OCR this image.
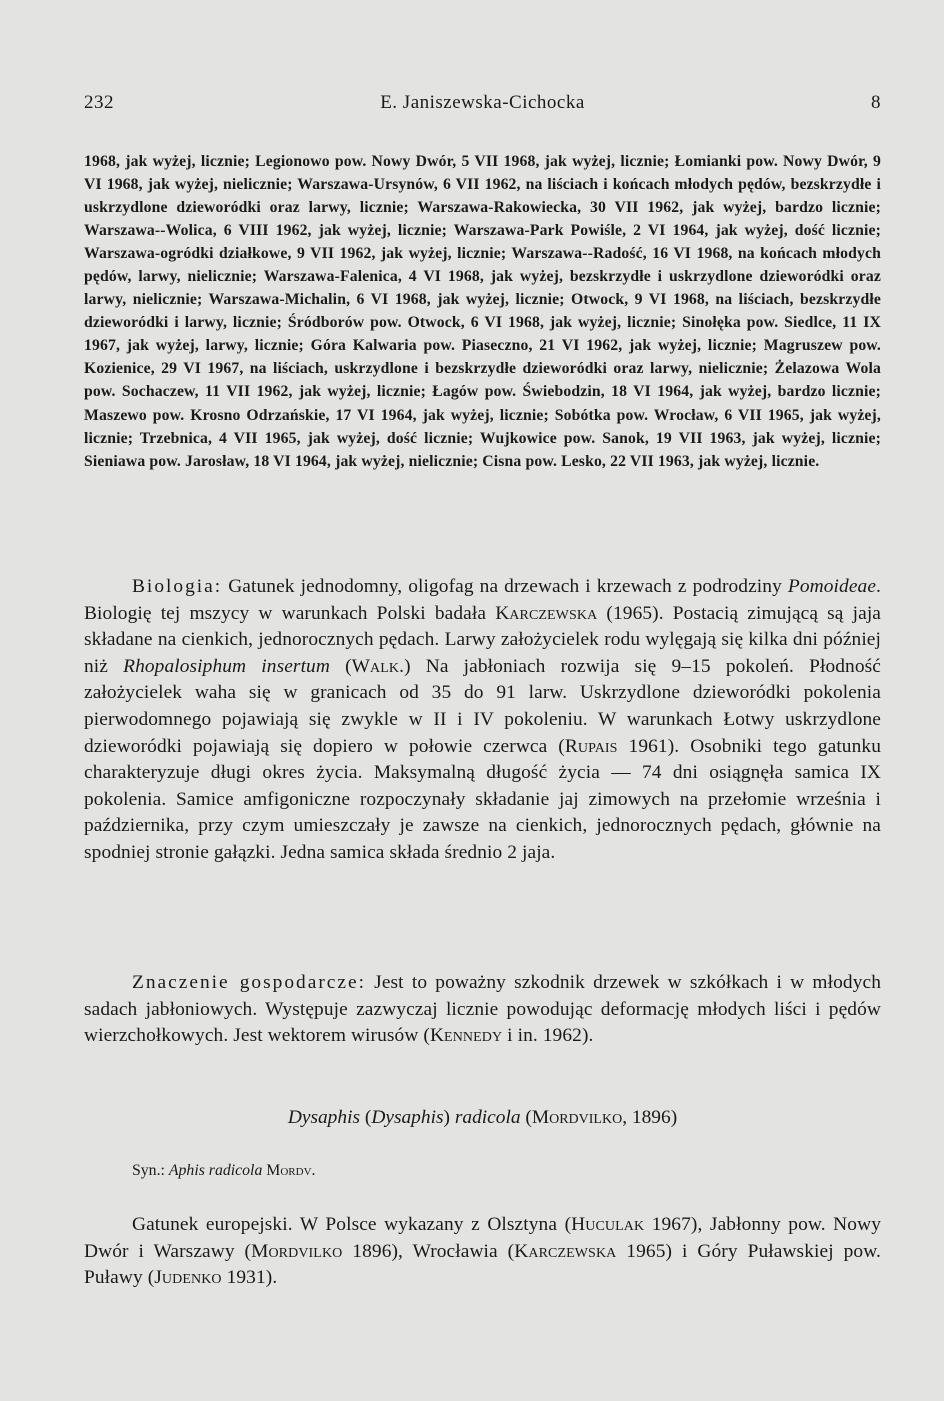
232	E. Janiszewska-Cichocka	8
1968, jak wyżej, licznie; Legionowo pow. Nowy Dwór, 5 VII 1968, jak wyżej, licznie; Łomianki pow. Nowy Dwór, 9 VI 1968, jak wyżej, nielicznie; Warszawa-Ursynów, 6 VII 1962, na liściach i końcach młodych pędów, bezskrzydłe i uskrzydlone dzieworódki oraz larwy, licznie; Warszawa-Rakowiecka, 30 VII 1962, jak wyżej, bardzo licznie; Warszawa--Wolica, 6 VIII 1962, jak wyżej, licznie; Warszawa-Park Powiśle, 2 VI 1964, jak wyżej, dość licznie; Warszawa-ogródki działkowe, 9 VII 1962, jak wyżej, licznie; Warszawa--Radość, 16 VI 1968, na końcach młodych pędów, larwy, nielicznie; Warszawa-Falenica, 4 VI 1968, jak wyżej, bezskrzydłe i uskrzydlone dzieworódki oraz larwy, nielicznie; Warszawa-Michalin, 6 VI 1968, jak wyżej, licznie; Otwock, 9 VI 1968, na liściach, bezskrzydłe dzieworódki i larwy, licznie; Śródborów pow. Otwock, 6 VI 1968, jak wyżej, licznie; Sinołęka pow. Siedlce, 11 IX 1967, jak wyżej, larwy, licznie; Góra Kalwaria pow. Piaseczno, 21 VI 1962, jak wyżej, licznie; Magruszew pow. Kozienice, 29 VI 1967, na liściach, uskrzydlone i bezskrzydłe dzieworódki oraz larwy, nielicznie; Żelazowa Wola pow. Sochaczew, 11 VII 1962, jak wyżej, licznie; Łagów pow. Świebodzin, 18 VI 1964, jak wyżej, bardzo licznie; Maszewo pow. Krosno Odrzańskie, 17 VI 1964, jak wyżej, licznie; Sobótka pow. Wrocław, 6 VII 1965, jak wyżej, licznie; Trzebnica, 4 VII 1965, jak wyżej, dość licznie; Wujkowice pow. Sanok, 19 VII 1963, jak wyżej, licznie; Sieniawa pow. Jarosław, 18 VI 1964, jak wyżej, nielicznie; Cisna pow. Lesko, 22 VII 1963, jak wyżej, licznie.
Biologia: Gatunek jednodomny, oligofag na drzewach i krzewach z podrodziny Pomoideae. Biologię tej mszycy w warunkach Polski badała Karczewska (1965). Postacią zimującą są jaja składane na cienkich, jednorocznych pędach. Larwy założycielek rodu wylęgają się kilka dni później niż Rhopalosiphum insertum (Walk.) Na jabłoniach rozwija się 9–15 pokoleń. Płodność założycielek waha się w granicach od 35 do 91 larw. Uskrzydlone dzieworódki pokolenia pierwodomnego pojawiają się zwykle w II i IV pokoleniu. W warunkach Łotwy uskrzydlone dzieworódki pojawiają się dopiero w połowie czerwca (Rupais 1961). Osobniki tego gatunku charakteryzuje długi okres życia. Maksymalną długość życia — 74 dni osiągnęła samica IX pokolenia. Samice amfigoniczne rozpoczynały składanie jaj zimowych na przełomie września i października, przy czym umieszczały je zawsze na cienkich, jednorocznych pędach, głównie na spodniej stronie gałązki. Jedna samica składa średnio 2 jaja.
Znaczenie gospodarcze: Jest to poważny szkodnik drzewek w szkółkach i w młodych sadach jabłoniowych. Występuje zazwyczaj licznie powodując deformację młodych liści i pędów wierzchołkowych. Jest wektorem wirusów (Kennedy i in. 1962).
Dysaphis (Dysaphis) radicola (Mordvilko, 1896)
Syn.: Aphis radicola Mordv.
Gatunek europejski. W Polsce wykazany z Olsztyna (Huculak 1967), Jabłonny pow. Nowy Dwór i Warszawy (Mordvilko 1896), Wrocławia (Karczewska 1965) i Góry Puławskiej pow. Puławy (Judenko 1931).
